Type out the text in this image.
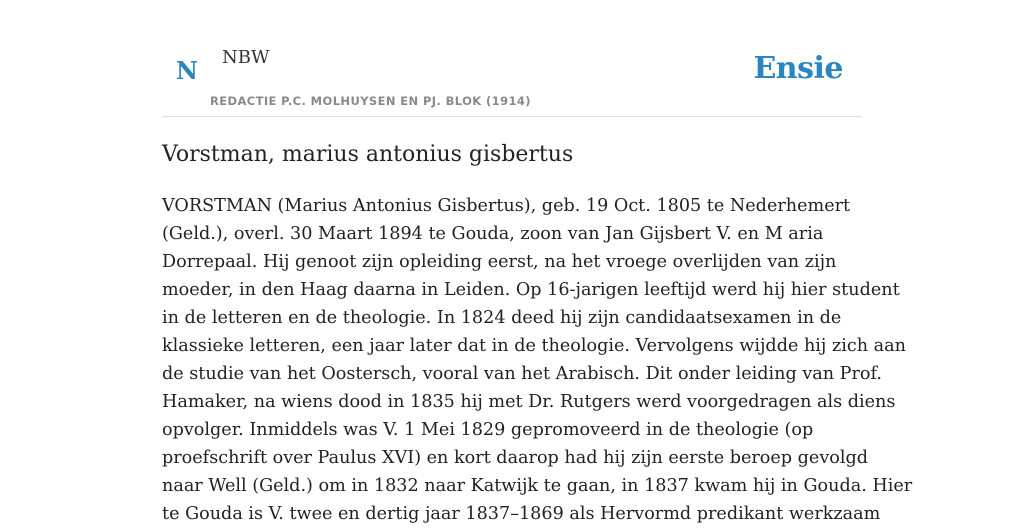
N NBW
REDACTIE P.C. MOLHUYSEN EN PJ. BLOK (1914)
Ensie
Vorstman, marius antonius gisbertus

VORSTMAN (Marius Antonius Gisbertus), geb. 19 Oct. 1805 te Nederhemert
(Geld.), overl. 30 Maart 1894 te Gouda, zoon van Jan Gijsbert V. en M aria
Dorrepaal. Hij genoot zijn opleiding eerst, na het vroege overlijden van zijn
moeder, in den Haag daarna in Leiden. Op 16-jarigen leeftijd werd hij hier student
in de letteren en de theologie. In 1824 deed hij zijn candidaatsexamen in de
klassieke letteren, een jaar later dat in de theologie. Vervolgens wijdde hij zich aan
de studie van het Oostersch, vooral van het Arabisch. Dit onder leiding van Prof.
Hamaker, na wiens dood in 1835 hij met Dr. Rutgers werd voorgedragen als diens
opvolger. Inmiddels was V. 1 Mei 1829 gepromoveerd in de theologie (op
proefschrift over Paulus XVI) en kort daarop had hij zijn eerste beroep gevolgd
naar Well (Geld.) om in 1832 naar Katwijk te gaan, in 1837 kwam hij in Gouda. Hier
te Gouda is V. twee en dertig jaar 1837–1869 als Hervormd predikant werkzaam
